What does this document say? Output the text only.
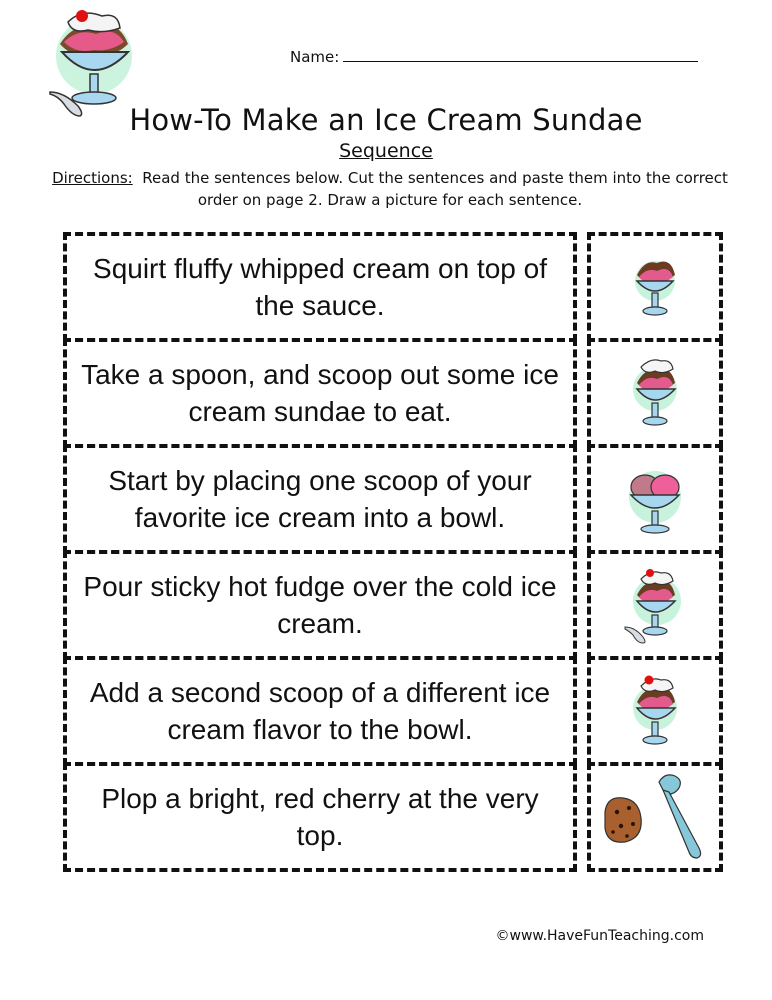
Name:
How-To Make an Ice Cream Sundae
Sequence
Directions: Read the sentences below. Cut the sentences and paste them into the correct order on page 2. Draw a picture for each sentence.
Squirt fluffy whipped cream on top of the sauce.
Take a spoon, and scoop out some ice cream sundae to eat.
Start by placing one scoop of your favorite ice cream into a bowl.
Pour sticky hot fudge over the cold ice cream.
Add a second scoop of a different ice cream flavor to the bowl.
Plop a bright, red cherry at the very top.
©www.HaveFunTeaching.com
